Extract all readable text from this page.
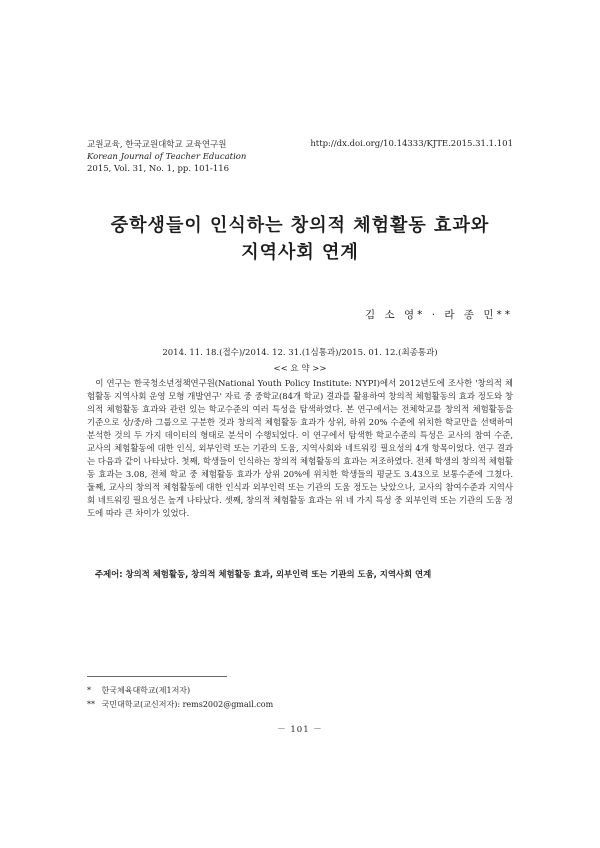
교원교육, 한국교원대학교 교육연구원
Korean Journal of Teacher Education
2015, Vol. 31, No. 1, pp. 101-116
http://dx.doi.org/10.14333/KJTE.2015.31.1.101
중학생들이 인식하는 창의적 체험활동 효과와
지역사회 연계
김 소 영* · 라 종 민**
2014. 11. 18.(접수)/2014. 12. 31.(1심통과)/2015. 01. 12.(최종통과)
<< 요 약 >>
이 연구는 한국청소년정책연구원(National Youth Policy Institute: NYPI)에서 2012년도에 조사한 '창의적 체험활동 지역사회 운영 모형 개발연구' 자료 중 중학교(84개 학교) 결과를 활용하여 창의적 체험활동의 효과 정도와 창의적 체험활동 효과와 관련 있는 학교수준의 여러 특성을 탐색하였다. 본 연구에서는 전체학교를 창의적 체험활동을 기준으로 상/중/하 그룹으로 구분한 것과 창의적 체험활동 효과가 상위, 하위 20% 수준에 위치한 학교만을 선택하여 분석한 것의 두 가지 데이터의 형태로 분석이 수행되었다. 이 연구에서 탐색한 학교수준의 특성은 교사의 참여 수준, 교사의 체험활동에 대한 인식, 외부인력 또는 기관의 도움, 지역사회와 네트워킹 필요성의 4개 항목이었다. 연구 결과는 다음과 같이 나타났다. 첫째, 학생들이 인식하는 창의적 체험활동의 효과는 저조하였다. 전체 학생의 창의적 체험활동 효과는 3.08, 전체 학교 중 체험활동 효과가 상위 20%에 위치한 학생들의 평균도 3.43으로 보통수준에 그쳤다. 둘째, 교사의 창의적 체험활동에 대한 인식과 외부인력 또는 기관의 도움 정도는 낮았으나, 교사의 참여수준과 지역사회 네트워킹 필요성은 높게 나타났다. 셋째, 창의적 체험활동 효과는 위 네 가지 특성 중 외부인력 또는 기관의 도움 정도에 따라 큰 차이가 있었다.
주제어: 창의적 체험활동, 창의적 체험활동 효과, 외부인력 또는 기관의 도움, 지역사회 연계
* 한국체육대학교(제1저자)
** 국민대학교(교신저자): rems2002@gmail.com
－ 101 －
